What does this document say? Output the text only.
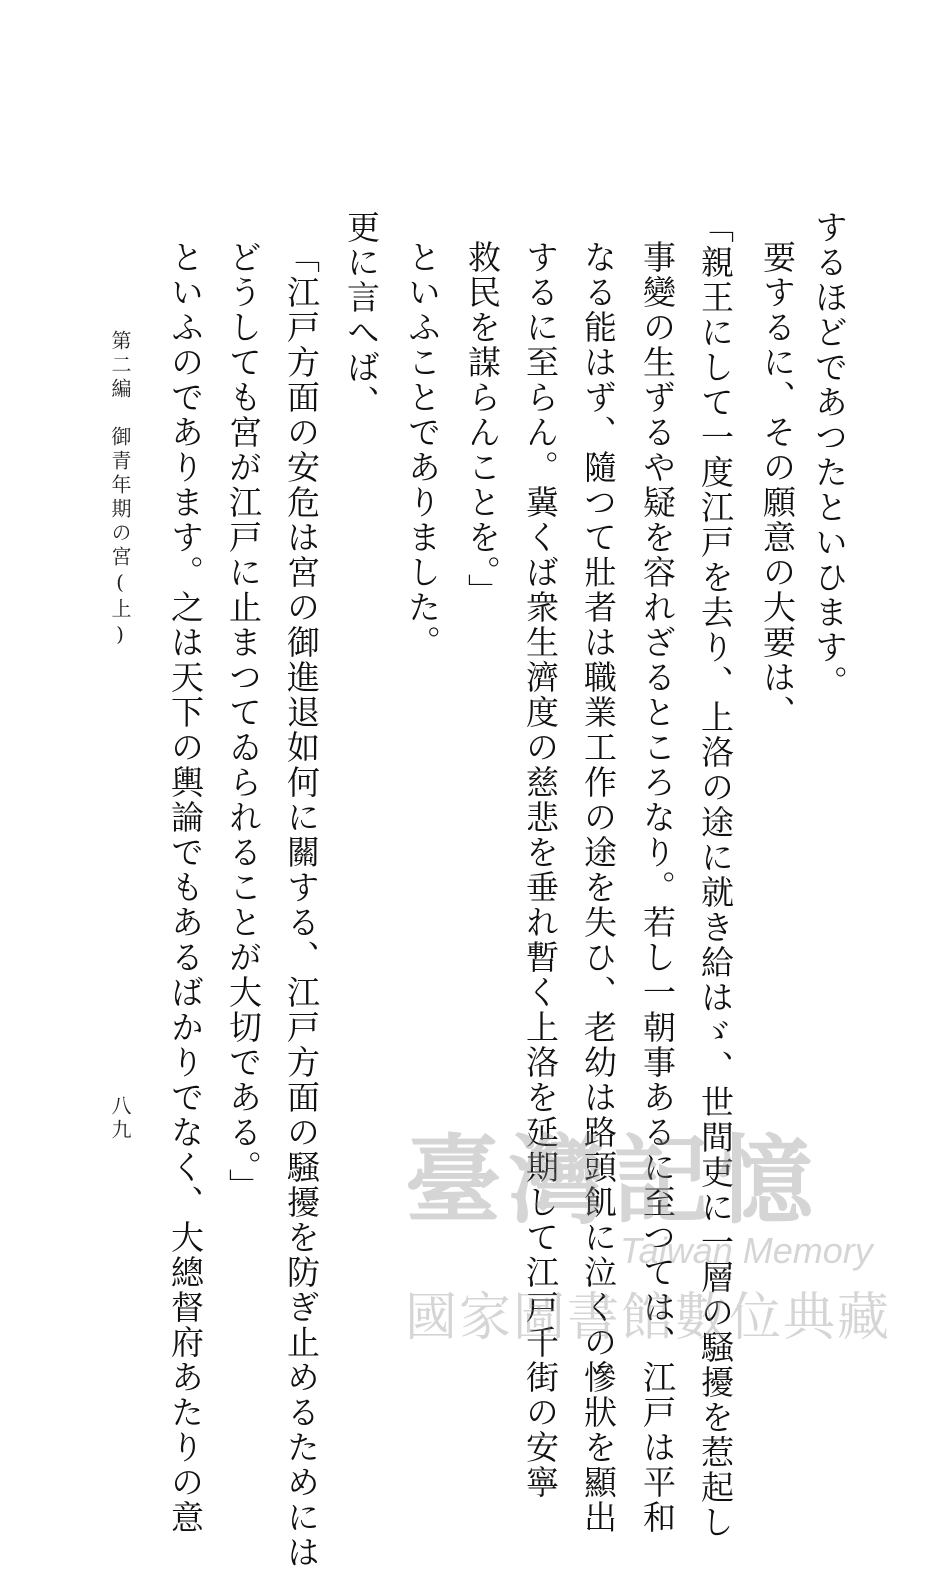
するほどであつたといひます。
要するに、その願意の大要は、
「親王にして一度江戸を去り、上洛の途に就き給はゞ、世間吏に一層の騒擾を惹起し
事變の生ずるや疑を容れざるところなり。若し一朝事あるに至つては、江戸は平和
なる能はず、隨つて壯者は職業工作の途を失ひ、老幼は路頭飢に泣くの慘狀を顯出
するに至らん。冀くば衆生濟度の慈悲を垂れ暫く上洛を延期して江戸千街の安寧
救民を謀らんことを。」
といふことでありました。
更に言へば、
「江戸方面の安危は宮の御進退如何に關する、江戸方面の騒擾を防ぎ止めるためには
どうしても宮が江戸に止まつてゐられることが大切である。」
といふのであります。之は天下の輿論でもあるばかりでなく、大總督府あたりの意
第二編　御青年期の宮(上)
八九
臺灣記憶
Taiwan Memory
國家圖書館數位典藏
